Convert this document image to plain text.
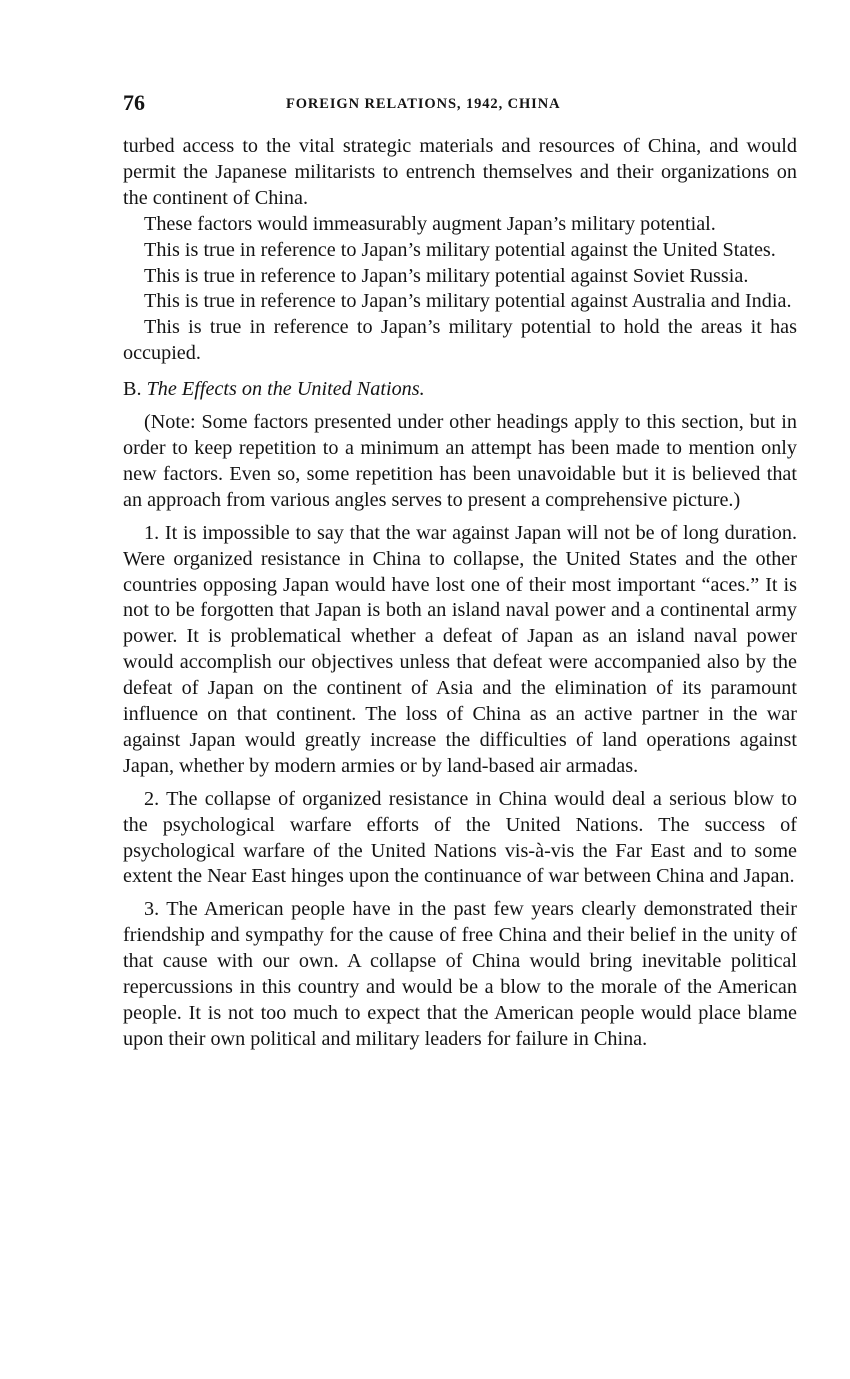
76	FOREIGN RELATIONS, 1942, CHINA

turbed access to the vital strategic materials and resources of China, and would permit the Japanese militarists to entrench themselves and their organizations on the continent of China.

These factors would immeasurably augment Japan’s military potential.

This is true in reference to Japan’s military potential against the United States.

This is true in reference to Japan’s military potential against Soviet Russia.

This is true in reference to Japan’s military potential against Australia and India.

This is true in reference to Japan’s military potential to hold the areas it has occupied.

B. The Effects on the United Nations.

(Note: Some factors presented under other headings apply to this section, but in order to keep repetition to a minimum an attempt has been made to mention only new factors. Even so, some repetition has been unavoidable but it is believed that an approach from various angles serves to present a comprehensive picture.)

1. It is impossible to say that the war against Japan will not be of long duration. Were organized resistance in China to collapse, the United States and the other countries opposing Japan would have lost one of their most important “aces.” It is not to be forgotten that Japan is both an island naval power and a continental army power. It is problematical whether a defeat of Japan as an island naval power would accomplish our objectives unless that defeat were accompanied also by the defeat of Japan on the continent of Asia and the elimination of its paramount influence on that continent. The loss of China as an active partner in the war against Japan would greatly increase the difficulties of land operations against Japan, whether by modern armies or by land-based air armadas.

2. The collapse of organized resistance in China would deal a serious blow to the psychological warfare efforts of the United Nations. The success of psychological warfare of the United Nations vis-à-vis the Far East and to some extent the Near East hinges upon the continuance of war between China and Japan.

3. The American people have in the past few years clearly demonstrated their friendship and sympathy for the cause of free China and their belief in the unity of that cause with our own. A collapse of China would bring inevitable political repercussions in this country and would be a blow to the morale of the American people. It is not too much to expect that the American people would place blame upon their own political and military leaders for failure in China.
